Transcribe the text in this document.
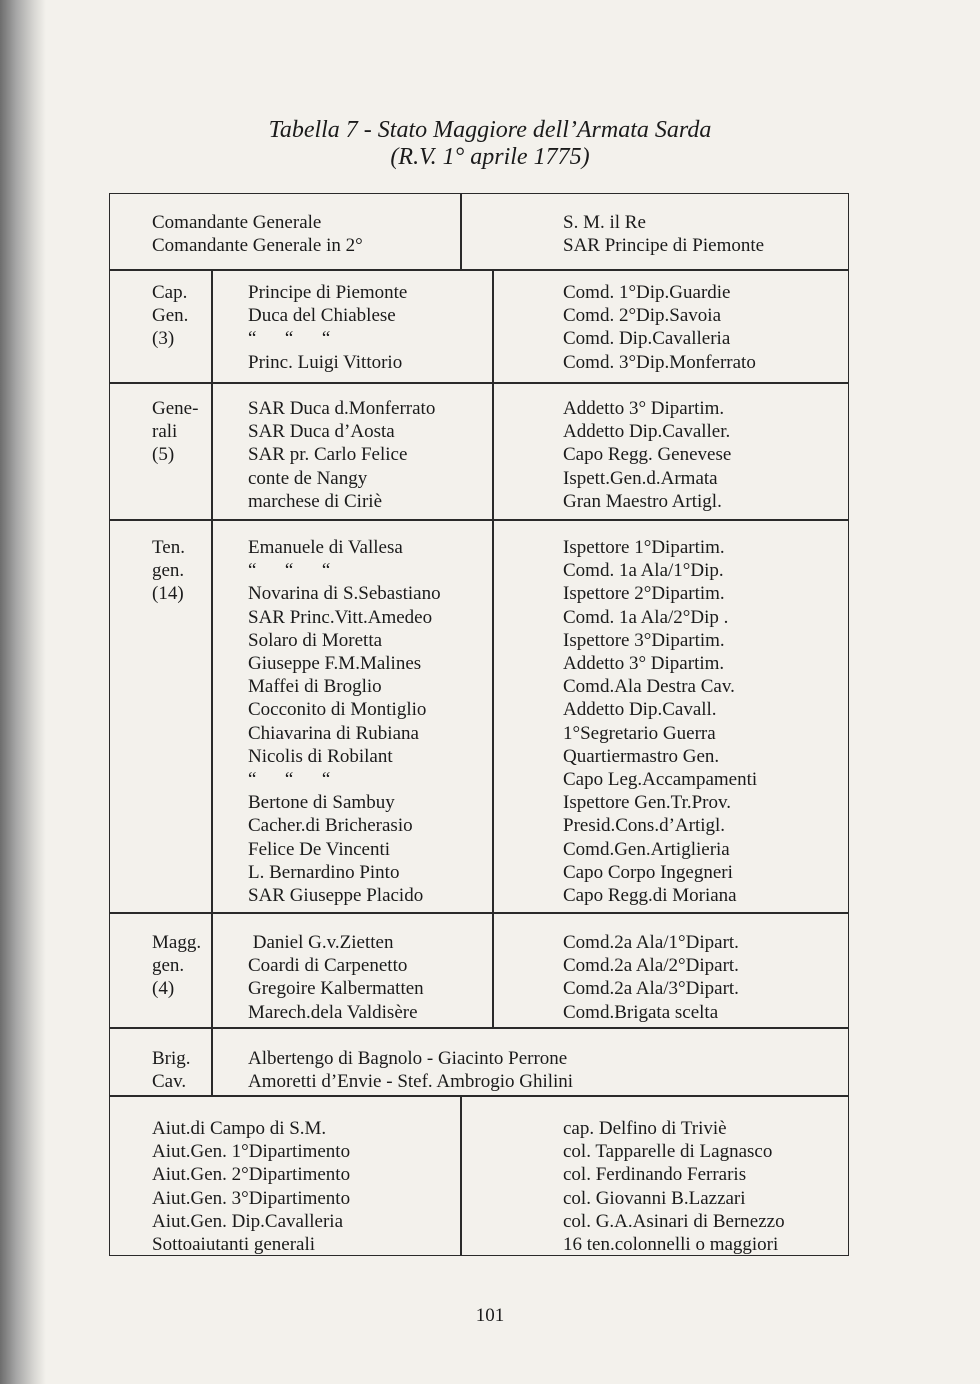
Tabella 7 - Stato Maggiore dell’Armata Sarda
(R.V. 1° aprile 1775)
Comandante Generale
Comandante Generale in 2°
S. M. il Re
SAR Principe di Piemonte
Cap.
Gen.
(3)
Principe di Piemonte
Duca del Chiablese
“      “      “
Princ. Luigi Vittorio
Comd. 1°Dip.Guardie
Comd. 2°Dip.Savoia
Comd. Dip.Cavalleria
Comd. 3°Dip.Monferrato
Gene-
rali
(5)
SAR Duca d.Monferrato
SAR Duca d’Aosta
SAR pr. Carlo Felice
conte de Nangy
marchese di Ciriè
Addetto 3° Dipartim.
Addetto Dip.Cavaller.
Capo Regg. Genevese
Ispett.Gen.d.Armata
Gran Maestro Artigl.
Ten.
gen.
(14)
Emanuele di Vallesa
“      “      “
Novarina di S.Sebastiano
SAR Princ.Vitt.Amedeo
Solaro di Moretta
Giuseppe F.M.Malines
Maffei di Broglio
Cocconito di Montiglio
Chiavarina di Rubiana
Nicolis di Robilant
“      “      “
Bertone di Sambuy
Cacher.di Bricherasio
Felice De Vincenti
L. Bernardino Pinto
SAR Giuseppe Placido
Ispettore 1°Dipartim.
Comd. 1a Ala/1°Dip.
Ispettore 2°Dipartim.
Comd. 1a Ala/2°Dip .
Ispettore 3°Dipartim.
Addetto 3° Dipartim.
Comd.Ala Destra Cav.
Addetto Dip.Cavall.
1°Segretario Guerra
Quartiermastro Gen.
Capo Leg.Accampamenti
Ispettore Gen.Tr.Prov.
Presid.Cons.d’Artigl.
Comd.Gen.Artiglieria
Capo Corpo Ingegneri
Capo Regg.di Moriana
Magg.
gen.
(4)
Daniel G.v.Zietten
Coardi di Carpenetto
Gregoire Kalbermatten
Marech.dela Valdisère
Comd.2a Ala/1°Dipart.
Comd.2a Ala/2°Dipart.
Comd.2a Ala/3°Dipart.
Comd.Brigata scelta
Brig.
Cav.
Albertengo di Bagnolo - Giacinto Perrone
Amoretti d’Envie - Stef. Ambrogio Ghilini
Aiut.di Campo di S.M.
Aiut.Gen. 1°Dipartimento
Aiut.Gen. 2°Dipartimento
Aiut.Gen. 3°Dipartimento
Aiut.Gen. Dip.Cavalleria
Sottoaiutanti generali
cap. Delfino di Triviè
col. Tapparelle di Lagnasco
col. Ferdinando Ferraris
col. Giovanni B.Lazzari
col. G.A.Asinari di Bernezzo
16 ten.colonnelli o maggiori
101
